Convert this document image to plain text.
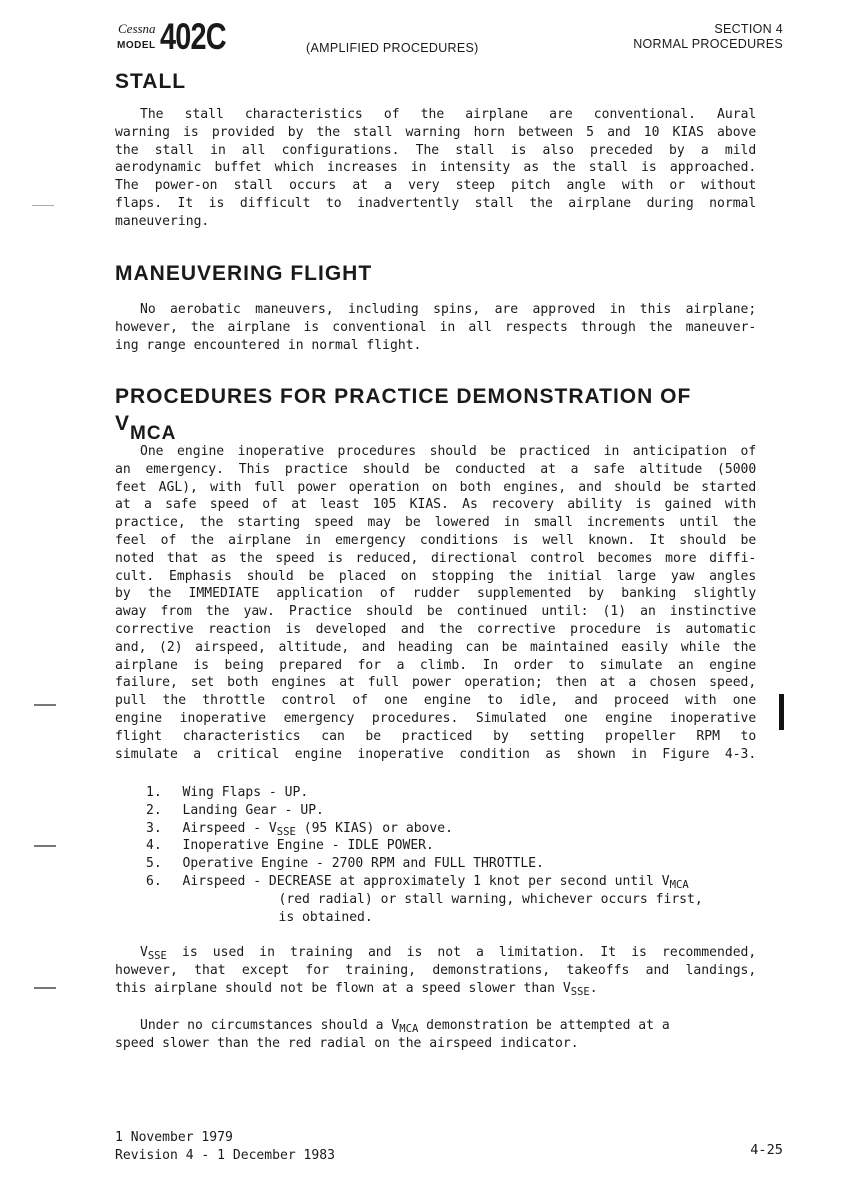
Cessna
MODEL 402C	(AMPLIFIED PROCEDURES)
SECTION 4
NORMAL PROCEDURES
STALL
The stall characteristics of the airplane are conventional. Aural
warning is provided by the stall warning horn between 5 and 10 KIAS above
the stall in all configurations. The stall is also preceded by a mild
aerodynamic buffet which increases in intensity as the stall is approached.
The power-on stall occurs at a very steep pitch angle with or without
flaps. It is difficult to inadvertently stall the airplane during normal
maneuvering.
MANEUVERING FLIGHT
No aerobatic maneuvers, including spins, are approved in this airplane;
however, the airplane is conventional in all respects through the maneuver-
ing range encountered in normal flight.
PROCEDURES FOR PRACTICE DEMONSTRATION OF
VMCA
One engine inoperative procedures should be practiced in anticipation of
an emergency. This practice should be conducted at a safe altitude (5000
feet AGL), with full power operation on both engines, and should be started
at a safe speed of at least 105 KIAS. As recovery ability is gained with
practice, the starting speed may be lowered in small increments until the
feel of the airplane in emergency conditions is well known. It should be
noted that as the speed is reduced, directional control becomes more diffi-
cult. Emphasis should be placed on stopping the initial large yaw angles
by the IMMEDIATE application of rudder supplemented by banking slightly
away from the yaw. Practice should be continued until: (1) an instinctive
corrective reaction is developed and the corrective procedure is automatic
and, (2) airspeed, altitude, and heading can be maintained easily while the
airplane is being prepared for a climb. In order to simulate an engine
failure, set both engines at full power operation; then at a chosen speed,
pull the throttle control of one engine to idle, and proceed with one
engine inoperative emergency procedures. Simulated one engine inoperative
flight characteristics can be practiced by setting propeller RPM to
simulate a critical engine inoperative condition as shown in Figure 4-3.
1. Wing Flaps - UP.
2. Landing Gear - UP.
3. Airspeed - $V_{SSE}$ (95 KIAS) or above.
4. Inoperative Engine - IDLE POWER.
5. Operative Engine - 2700 RPM and FULL THROTTLE.
6. Airspeed - DECREASE at approximately 1 knot per second until $V_{MCA}$
(red radial) or stall warning, whichever occurs first,
is obtained.
$V_{SSE}$ is used in training and is not a limitation. It is recommended,
however, that except for training, demonstrations, takeoffs and landings,
this airplane should not be flown at a speed slower than $V_{SSE}$.
Under no circumstances should a $V_{MCA}$ demonstration be attempted at a
speed slower than the red radial on the airspeed indicator.
1 November 1979
Revision 4 - 1 December 1983	4-25
